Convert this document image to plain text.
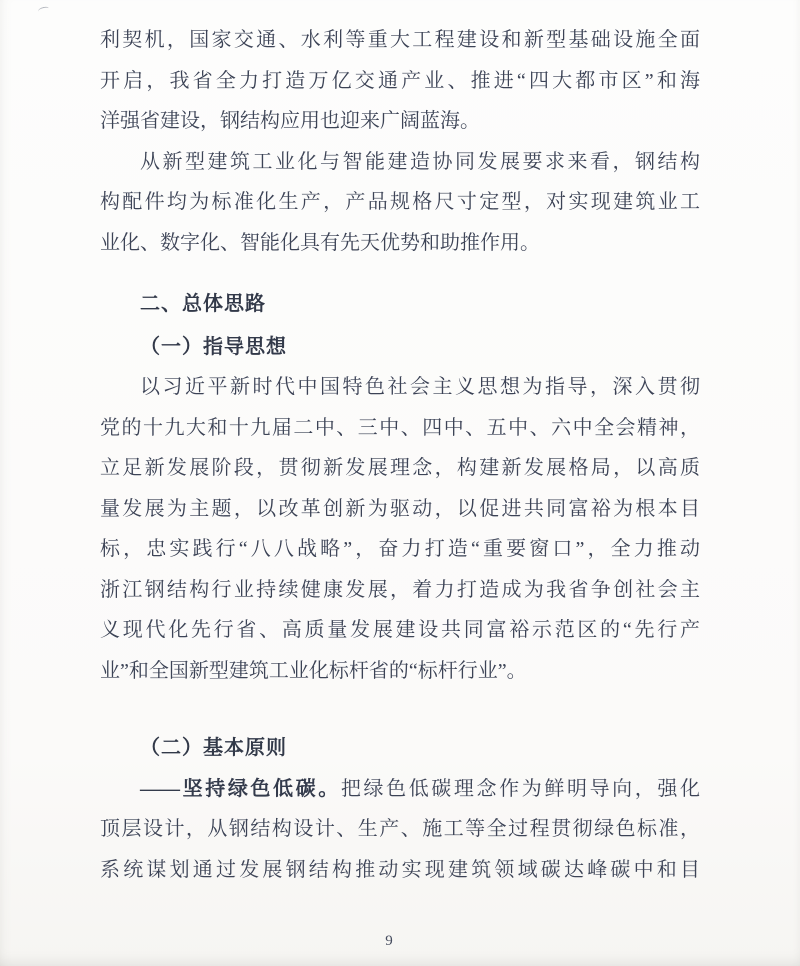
利契机，国家交通、水利等重大工程建设和新型基础设施全面
开启，我省全力打造万亿交通产业、推进“四大都市区”和海
洋强省建设，钢结构应用也迎来广阔蓝海。
从新型建筑工业化与智能建造协同发展要求来看，钢结构
构配件均为标准化生产，产品规格尺寸定型，对实现建筑业工
业化、数字化、智能化具有先天优势和助推作用。
二、总体思路
（一）指导思想
以习近平新时代中国特色社会主义思想为指导，深入贯彻
党的十九大和十九届二中、三中、四中、五中、六中全会精神，
立足新发展阶段，贯彻新发展理念，构建新发展格局，以高质
量发展为主题，以改革创新为驱动，以促进共同富裕为根本目
标，忠实践行“八八战略”，奋力打造“重要窗口”，全力推动
浙江钢结构行业持续健康发展，着力打造成为我省争创社会主
义现代化先行省、高质量发展建设共同富裕示范区的“先行产
业”和全国新型建筑工业化标杆省的“标杆行业”。
（二）基本原则
——坚持绿色低碳。把绿色低碳理念作为鲜明导向，强化
顶层设计，从钢结构设计、生产、施工等全过程贯彻绿色标准，
系统谋划通过发展钢结构推动实现建筑领域碳达峰碳中和目
9
